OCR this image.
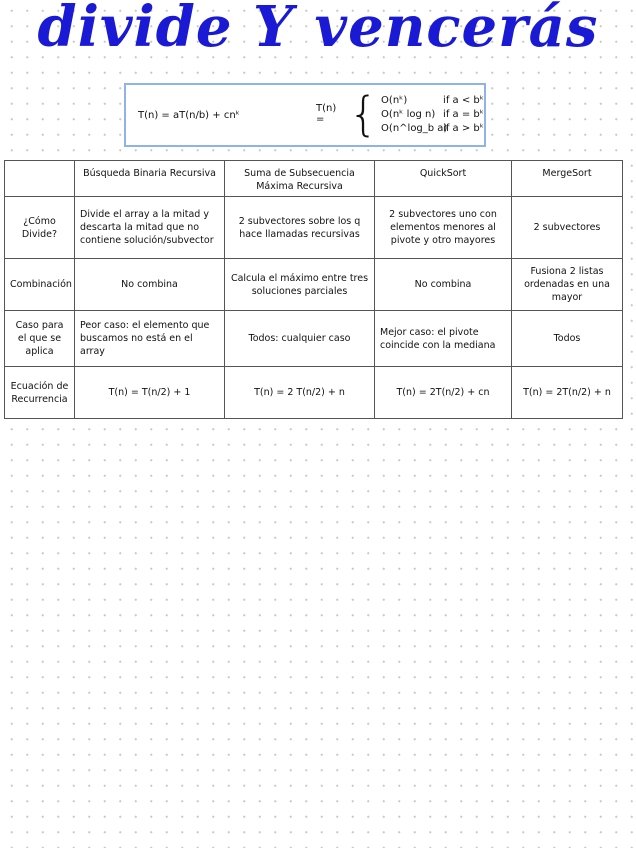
divide Y vencerás
T(n) = aT(n/b) + cnᵏ
T(n) = { O(nᵏ)	if a < bᵏ
O(nᵏ log n) if a = bᵏ
O(n^log_b a)
if a > bᵏ
	Búsqueda Binaria Recursiva	Suma de Subsecuencia Máxima Recursiva	QuickSort	MergeSort
¿Cómo Divide?	Divide el array a la mitad y descarta la mitad que no contiene solución/subvector	2 subvectores sobre los q hace llamadas recursivas	2 subvectores uno con elementos menores al pivote y otro mayores	2 subvectores
Combinación	No combina	Calcula el máximo entre tres soluciones parciales	No combina	Fusiona 2 listas ordenadas en una mayor
Caso para el que se aplica	Peor caso: el elemento que buscamos no está en el array	Todos: cualquier caso	Mejor caso: el pivote coincide con la mediana	Todos
Ecuación de Recurrencia	T(n) = T(n/2) + 1	T(n) = 2 T(n/2) + n	T(n) = 2T(n/2) + cn	T(n) = 2T(n/2) + n
